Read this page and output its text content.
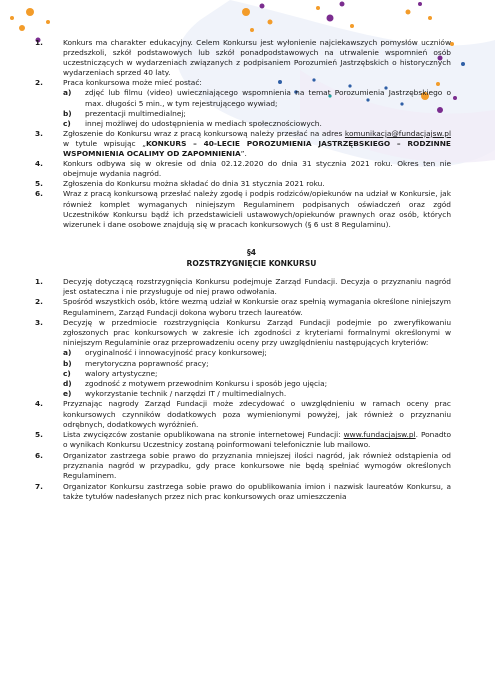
1.	Konkurs ma charakter edukacyjny. Celem Konkursu jest wyłonienie najciekawszych pomysłów uczniów przedszkoli, szkół podstawowych lub szkół ponadpodstawowych na utrwalenie wspomnień osób uczestniczących w wydarzeniach związanych z podpisaniem Porozumień Jastrzębskich o historycznych wydarzeniach sprzed 40 laty.
2.	Praca konkursowa może mieć postać:
a) zdjęć lub filmu (video) uwieczniającego wspomnienia na temat Porozumienia Jastrzębskiego o max. długości 5 min., w tym rejestrującego wywiad;
b) prezentacji multimedialnej;
c) innej możliwej do udostępnienia w mediach społecznościowych.
3.	Zgłoszenie do Konkursu wraz z pracą konkursową należy przesłać na adres komunikacja@fundacjajsw.pl w tytule wpisując „KONKURS – 40-LECIE POROZUMIENIA JASTRZĘBSKIEGO – RODZINNE WSPOMNIENIA OCALIMY OD ZAPOMNIENIA”.
4.	Konkurs odbywa się w okresie od dnia 02.12.2020 do dnia 31 stycznia 2021 roku. Okres ten nie obejmuje wydania nagród.
5.	Zgłoszenia do Konkursu można składać do dnia 31 stycznia 2021 roku.
6.	Wraz z pracą konkursową przesłać należy zgodę i podpis rodziców/opiekunów na udział w Konkursie, jak również komplet wymaganych niniejszym Regulaminem podpisanych oświadczeń oraz zgód Uczestników Konkursu bądź ich przedstawicieli ustawowych/opiekunów prawnych oraz osób, których wizerunek i dane osobowe znajdują się w pracach konkursowych (§ 6 ust 8 Regulaminu).

§4

ROZSTRZYGNIĘCIE KONKURSU

1.	Decyzję dotyczącą rozstrzygnięcia Konkursu podejmuje Zarząd Fundacji. Decyzja o przyznaniu nagród jest ostateczna i nie przysługuje od niej prawo odwołania.
2.	Spośród wszystkich osób, które wezmą udział w Konkursie oraz spełnią wymagania określone niniejszym Regulaminem, Zarząd Fundacji dokona wyboru trzech laureatów.
3.	Decyzję w przedmiocie rozstrzygnięcia Konkursu Zarząd Fundacji podejmie po zweryfikowaniu zgłoszonych prac konkursowych w zakresie ich zgodności z kryteriami formalnymi określonymi w niniejszym Regulaminie oraz przeprowadzeniu oceny przy uwzględnieniu następujących kryteriów:
a) oryginalność i innowacyjność pracy konkursowej;
b) merytoryczna poprawność pracy;
c) walory artystyczne;
d) zgodność z motywem przewodnim Konkursu i sposób jego ujęcia;
e) wykorzystanie technik / narzędzi IT / multimedialnych.
4.	Przyznając nagrody Zarząd Fundacji może zdecydować o uwzględnieniu w ramach oceny prac konkursowych czynników dodatkowych poza wymienionymi powyżej, jak również o przyznaniu odrębnych, dodatkowych wyróżnień.
5.	Lista zwycięzców zostanie opublikowana na stronie internetowej Fundacji: www.fundacjajsw.pl. Ponadto o wynikach Konkursu Uczestnicy zostaną poinformowani telefonicznie lub mailowo.
6.	Organizator zastrzega sobie prawo do przyznania mniejszej ilości nagród, jak również odstąpienia od przyznania nagród w przypadku, gdy prace konkursowe nie będą spełniać wymogów określonych Regulaminem.
7.	Organizator Konkursu zastrzega sobie prawo do opublikowania imion i nazwisk laureatów Konkursu, a także tytułów nadesłanych przez nich prac konkursowych oraz umieszczenia
